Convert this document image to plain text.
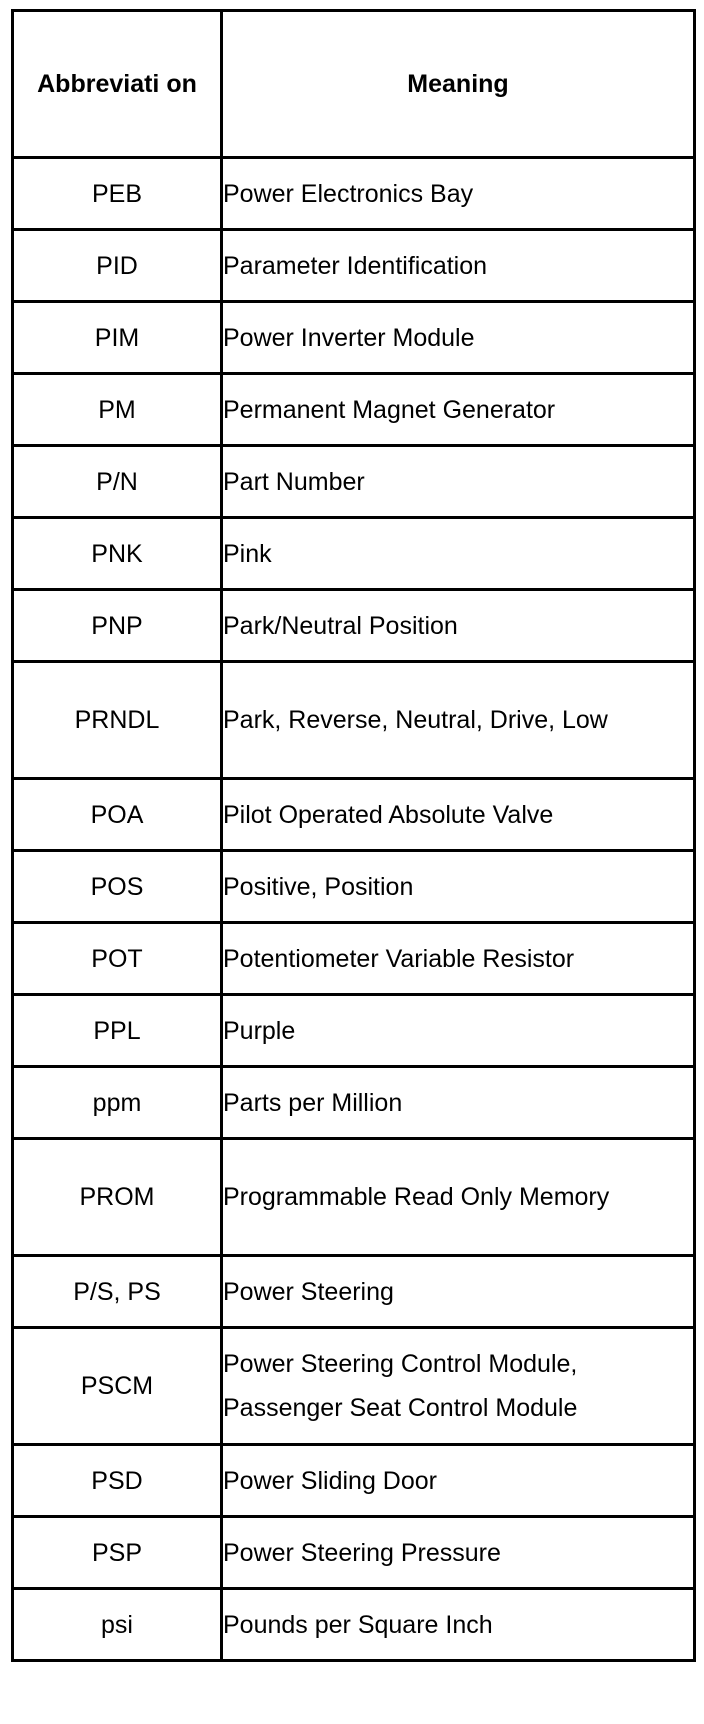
Abbreviati on	Meaning
PEB	Power Electronics Bay
PID	Parameter Identification
PIM	Power Inverter Module
PM	Permanent Magnet Generator
P/N	Part Number
PNK	Pink
PNP	Park/Neutral Position
PRNDL	Park, Reverse, Neutral, Drive, Low
POA	Pilot Operated Absolute Valve
POS	Positive, Position
POT	Potentiometer Variable Resistor
PPL	Purple
ppm	Parts per Million
PROM	Programmable Read Only Memory
P/S, PS	Power Steering
PSCM	Power Steering Control Module, Passenger Seat Control Module
PSD	Power Sliding Door
PSP	Power Steering Pressure
psi	Pounds per Square Inch
